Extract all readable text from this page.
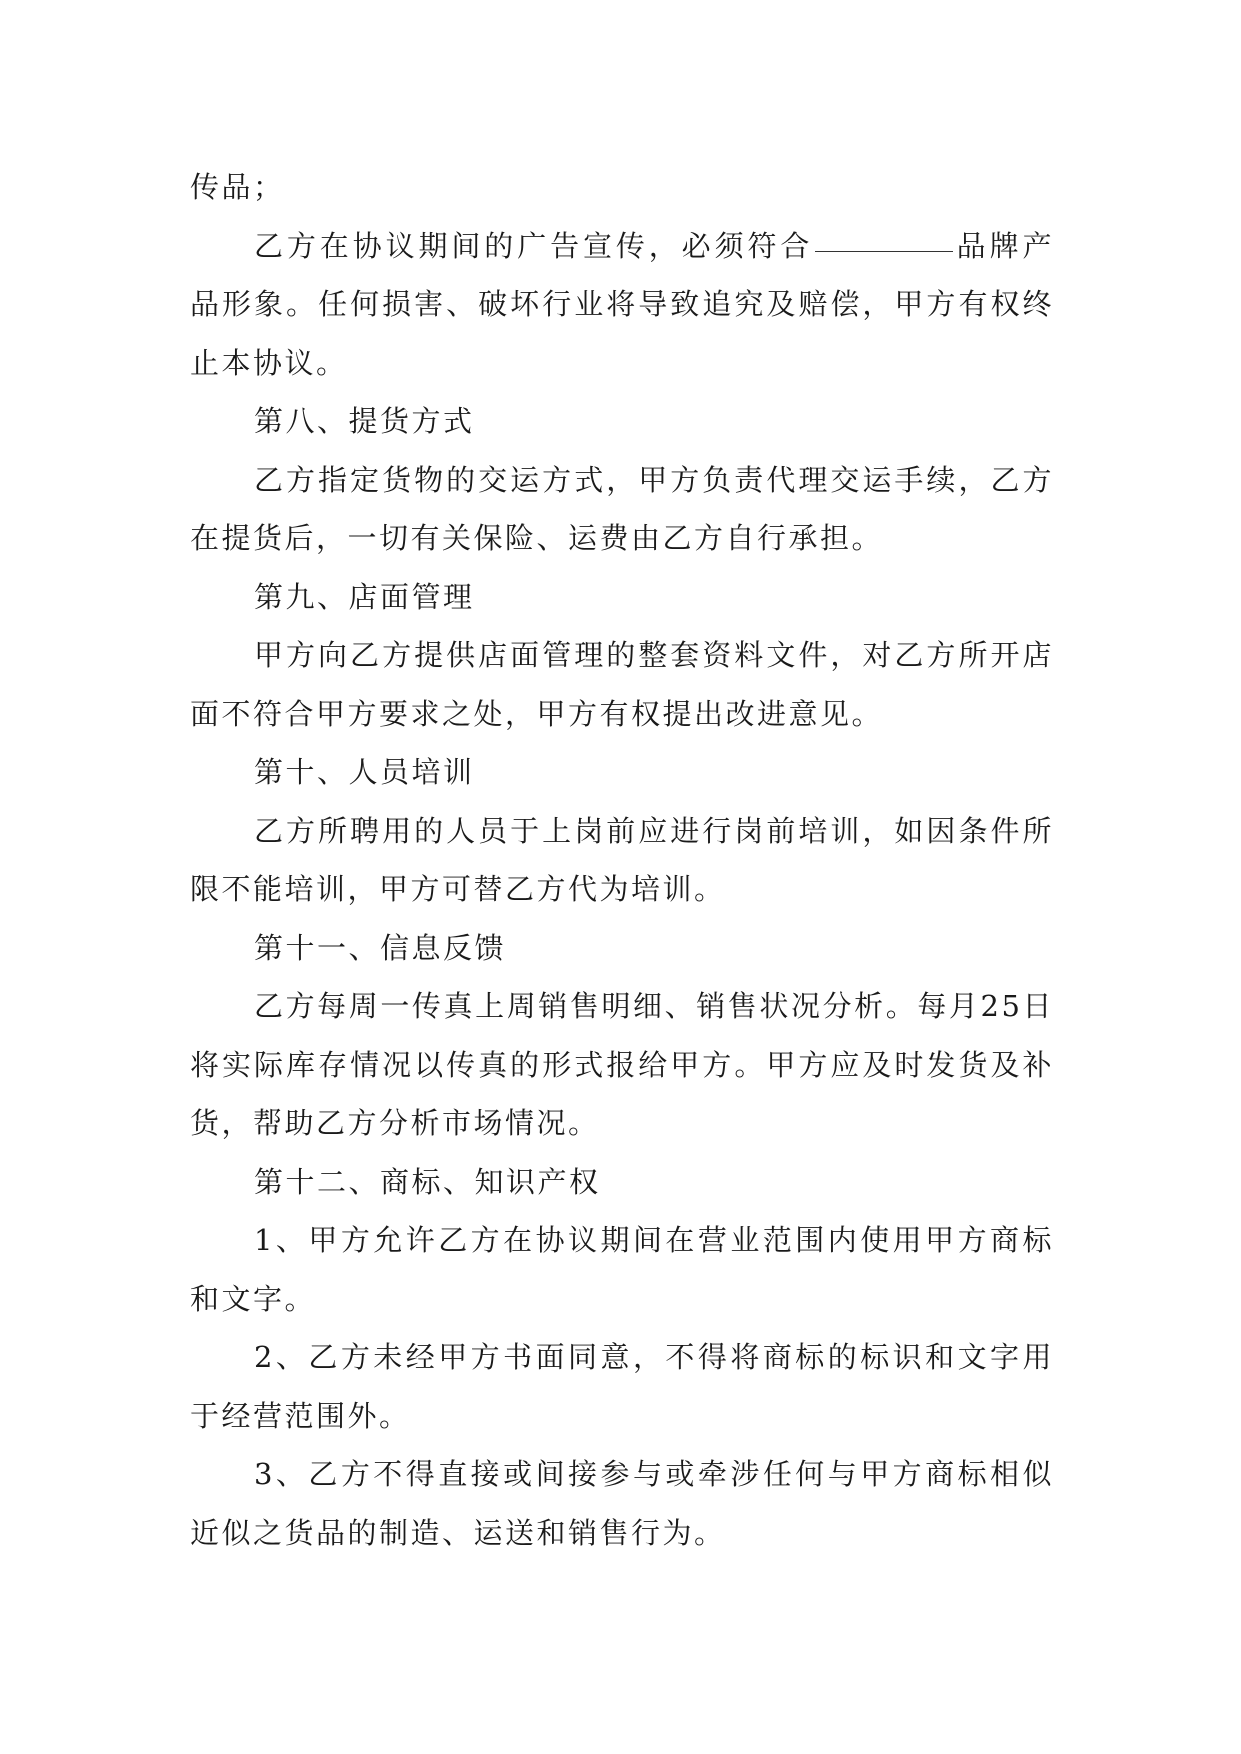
传品；

乙方在协议期间的广告宣传，必须符合	品牌产品形象。任何损害、破坏行业将导致追究及赔偿，甲方有权终止本协议。

第八、提货方式

乙方指定货物的交运方式，甲方负责代理交运手续，乙方在提货后，一切有关保险、运费由乙方自行承担。

第九、店面管理

甲方向乙方提供店面管理的整套资料文件，对乙方所开店面不符合甲方要求之处，甲方有权提出改进意见。

第十、人员培训

乙方所聘用的人员于上岗前应进行岗前培训，如因条件所限不能培训，甲方可替乙方代为培训。

第十一、信息反馈

乙方每周一传真上周销售明细、销售状况分析。每月25日将实际库存情况以传真的形式报给甲方。甲方应及时发货及补货，帮助乙方分析市场情况。

第十二、商标、知识产权

1、甲方允许乙方在协议期间在营业范围内使用甲方商标和文字。

2、乙方未经甲方书面同意，不得将商标的标识和文字用于经营范围外。

3、乙方不得直接或间接参与或牵涉任何与甲方商标相似近似之货品的制造、运送和销售行为。
